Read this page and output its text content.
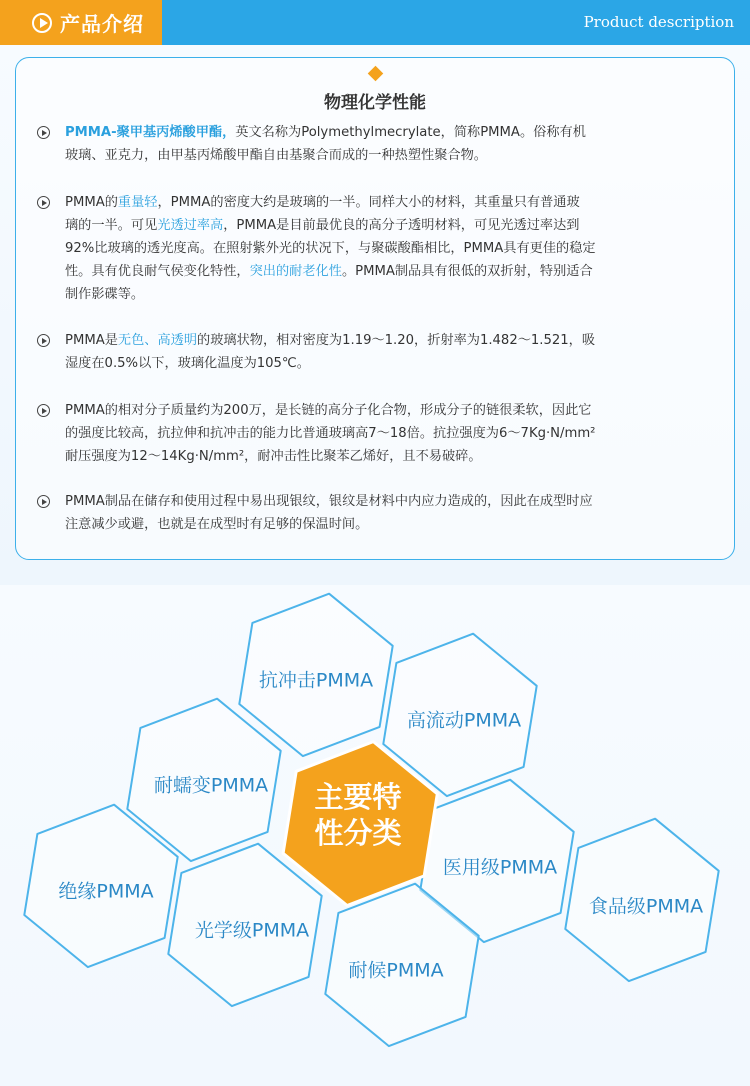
产品介绍	Product description
物理化学性能
PMMA-聚甲基丙烯酸甲酯，英文名称为Polymethylmecrylate，简称PMMA。俗称有机
玻璃、亚克力，由甲基丙烯酸甲酯自由基聚合而成的一种热塑性聚合物。
PMMA的重量轻，PMMA的密度大约是玻璃的一半。同样大小的材料，其重量只有普通玻
璃的一半。可见光透过率高，PMMA是目前最优良的高分子透明材料，可见光透过率达到
92%比玻璃的透光度高。在照射紫外光的状况下，与聚碳酸酯相比，PMMA具有更佳的稳定
性。具有优良耐气侯变化特性，突出的耐老化性。PMMA制品具有很低的双折射，特别适合
制作影碟等。
PMMA是无色、高透明的玻璃状物，相对密度为1.19～1.20，折射率为1.482～1.521，吸
湿度在0.5%以下，玻璃化温度为105℃。
PMMA的相对分子质量约为200万，是长链的高分子化合物，形成分子的链很柔软，因此它
的强度比较高，抗拉伸和抗冲击的能力比普通玻璃高7～18倍。抗拉强度为6～7Kg·N/mm²
耐压强度为12～14Kg·N/mm²，耐冲击性比聚苯乙烯好，且不易破碎。
PMMA制品在储存和使用过程中易出现银纹，银纹是材料中内应力造成的，因此在成型时应
注意减少或避，也就是在成型时有足够的保温时间。
主要特
性分类
抗冲击PMMA
高流动PMMA
耐蠕变PMMA
医用级PMMA
绝缘PMMA
光学级PMMA
食品级PMMA
耐候PMMA
